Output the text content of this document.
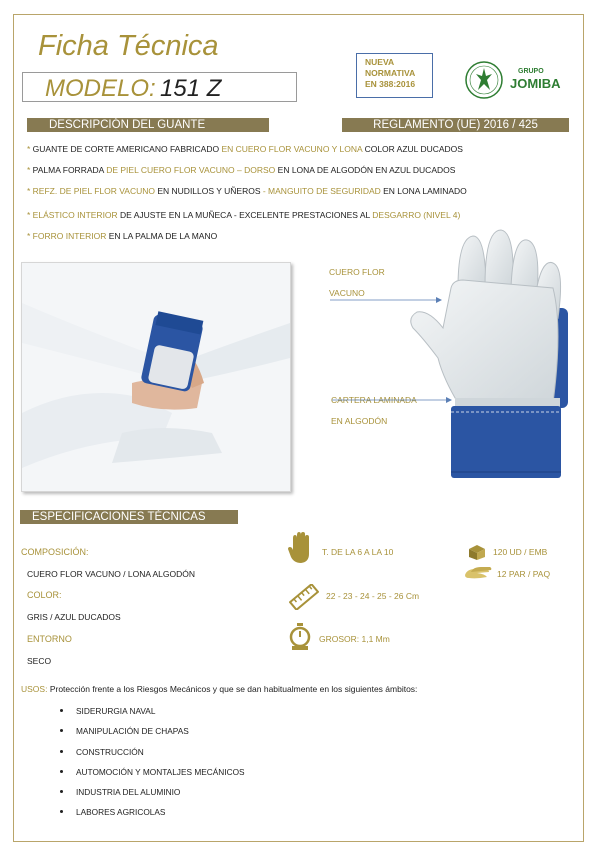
Ficha Técnica
MODELO: 151 Z
NUEVA
NORMATIVA
EN 388:2016
GRUPO
JOMIBA
DESCRIPCIÓN DEL GUANTE	REGLAMENTO (UE) 2016 / 425
* GUANTE DE CORTE AMERICANO FABRICADO EN CUERO FLOR VACUNO Y LONA COLOR AZUL DUCADOS
* PALMA FORRADA DE PIEL CUERO FLOR VACUNO – DORSO EN LONA DE ALGODÓN EN AZUL DUCADOS
* REFZ. DE PIEL FLOR VACUNO EN NUDILLOS Y UÑEROS - MANGUITO DE SEGURIDAD EN LONA LAMINADO
* ELÁSTICO INTERIOR DE AJUSTE EN LA MUÑECA - EXCELENTE PRESTACIONES AL DESGARRO (NIVEL 4)
* FORRO INTERIOR EN LA PALMA DE LA MANO
CUERO FLOR
VACUNO
CARTERA LAMINADA
EN ALGODÓN
ESPECIFICACIONES TÉCNICAS
COMPOSICIÓN:
CUERO FLOR VACUNO / LONA ALGODÓN
COLOR:
GRIS / AZUL DUCADOS
ENTORNO
SECO
T. DE LA 6 A LA 10
22 - 23 - 24 - 25 - 26 Cm
GROSOR: 1,1 Mm
120 UD / EMB
12 PAR / PAQ
USOS: Protección frente a los Riesgos Mecánicos y que se dan habitualmente en los siguientes ámbitos:
SIDERURGIA NAVAL
MANIPULACIÓN DE CHAPAS
CONSTRUCCIÓN
AUTOMOCIÓN Y MONTALJES MECÁNICOS
INDUSTRIA DEL ALUMINIO
LABORES AGRICOLAS
